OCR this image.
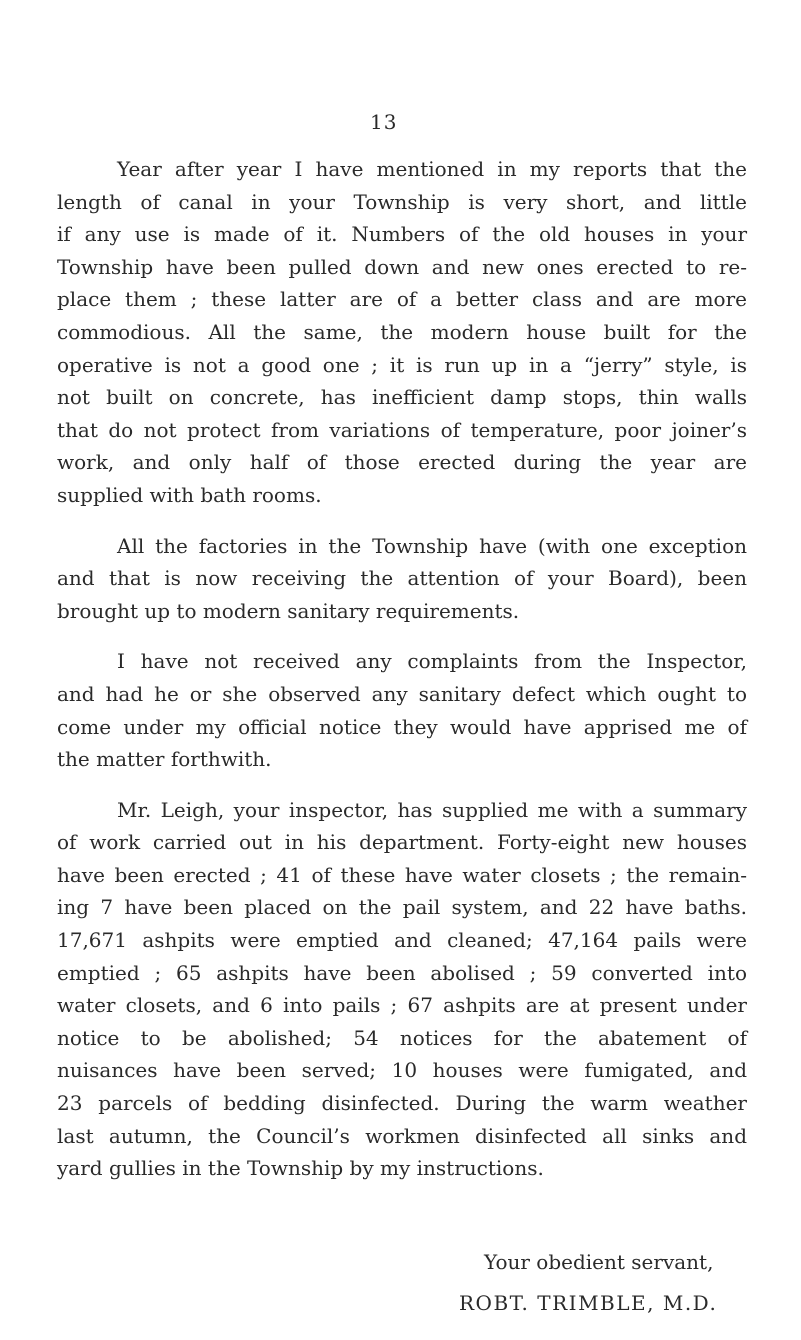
13
Year after year I have mentioned in my reports that the
length of canal in your Township is very short, and little
if any use is made of it. Numbers of the old houses in your
Township have been pulled down and new ones erected to re-
place them ; these latter are of a better class and are more
commodious. All the same, the modern house built for the
operative is not a good one ; it is run up in a “jerry” style, is
not built on concrete, has inefficient damp stops, thin walls
that do not protect from variations of temperature, poor joiner’s
work, and only half of those erected during the year are
supplied with bath rooms.
All the factories in the Township have (with one exception
and that is now receiving the attention of your Board), been
brought up to modern sanitary requirements.
I have not received any complaints from the Inspector,
and had he or she observed any sanitary defect which ought to
come under my official notice they would have apprised me of
the matter forthwith.
Mr. Leigh, your inspector, has supplied me with a summary
of work carried out in his department. Forty-eight new houses
have been erected ; 41 of these have water closets ; the remain-
ing 7 have been placed on the pail system, and 22 have baths.
17,671 ashpits were emptied and cleaned; 47,164 pails were
emptied ; 65 ashpits have been abolised ; 59 converted into
water closets, and 6 into pails ; 67 ashpits are at present under
notice to be abolished; 54 notices for the abatement of
nuisances have been served; 10 houses were fumigated, and
23 parcels of bedding disinfected. During the warm weather
last autumn, the Council’s workmen disinfected all sinks and
yard gullies in the Township by my instructions.
Your obedient servant,
ROBT. TRIMBLE, M.D.
